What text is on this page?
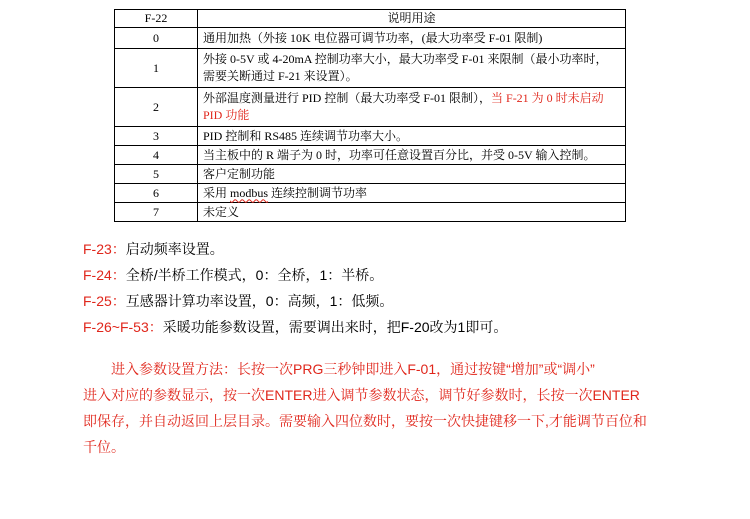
F-22	说明用途
0	通用加热（外接 10K 电位器可调节功率，(最大功率受 F-01 限制)
1	外接 0-5V 或 4-20mA 控制功率大小，最大功率受 F-01 来限制（最小功率时，
需要关断通过 F-21 来设置）。
2	外部温度测量进行 PID 控制（最大功率受 F-01 限制），当 F-21 为 0 时未启动
PID 功能
3	PID 控制和 RS485 连续调节功率大小。
4	当主板中的 R 端子为 0 时，功率可任意设置百分比，并受 0-5V 输入控制。
5	客户定制功能
6	采用 modbus 连续控制调节功率
7	未定义
F-23：启动频率设置。
F-24：全桥/半桥工作模式，0：全桥，1：半桥。
F-25：互感器计算功率设置，0：高频，1：低频。
F-26~F-53：采暖功能参数设置，需要调出来时，把F-20改为1即可。

进入参数设置方法：长按一次PRG三秒钟即进入F-01，通过按键“增加”或“调小”
进入对应的参数显示，按一次ENTER进入调节参数状态，调节好参数时，长按一次ENTER
即保存，并自动返回上层目录。需要输入四位数时，要按一次快捷键移一下,才能调节百位和
千位。
